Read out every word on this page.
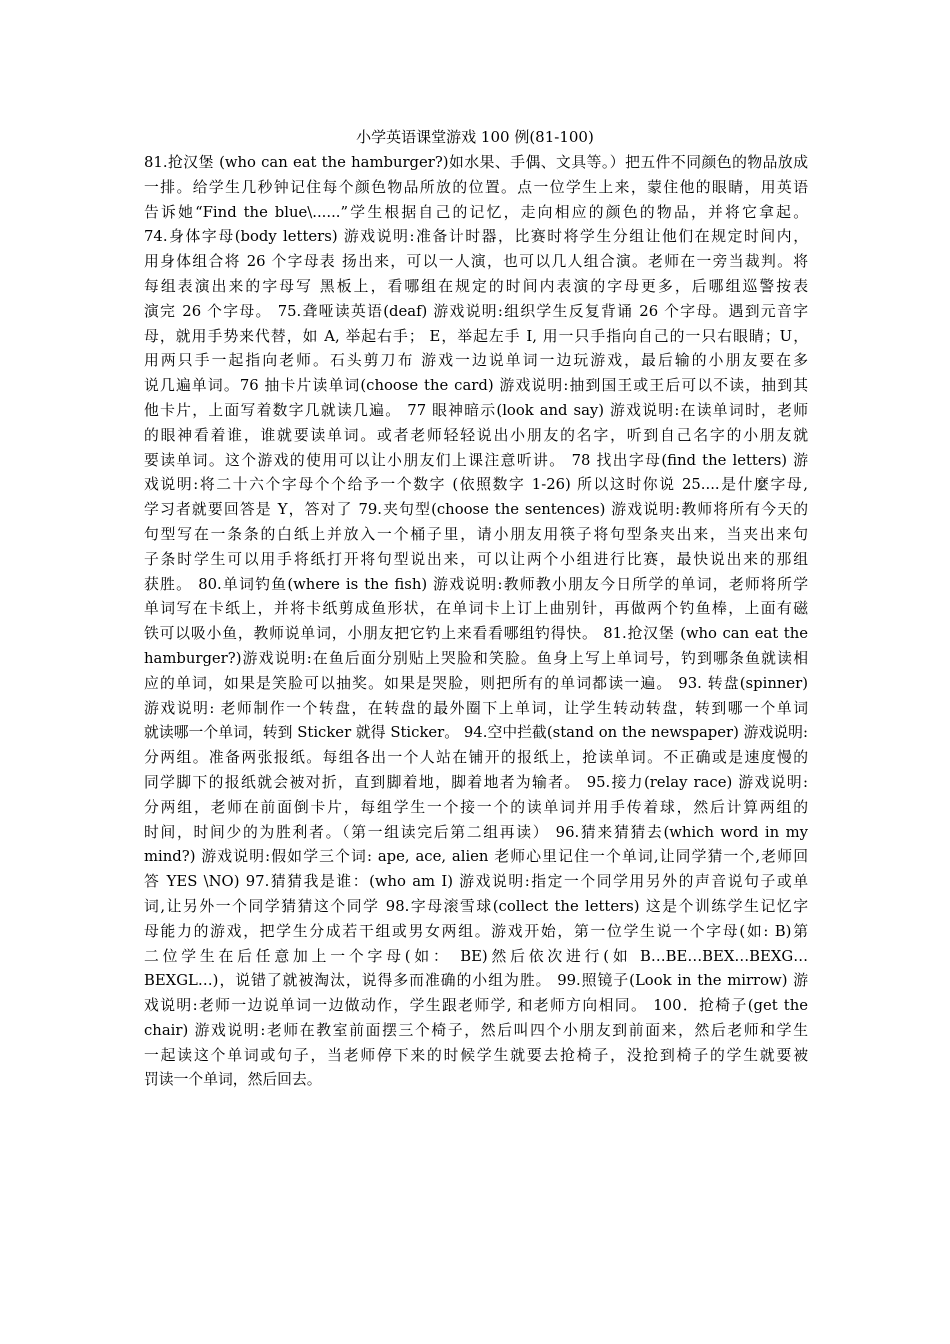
小学英语课堂游戏 100 例(81-100)
81.抢汉堡 (who can eat the hamburger?)如水果、手偶、文具等。）把五件不同颜色的物品放成
一排。给学生几秒钟记住每个颜色物品所放的位置。点一位学生上来，蒙住他的眼睛，用英语
告诉她“Find the blue\......”学生根据自己的记忆，走向相应的颜色的物品，并将它拿起。
74.身体字母(body letters) 游戏说明:准备计时器，比赛时将学生分组让他们在规定时间内，
用身体组合将 26 个字母表 扬出来，可以一人演，也可以几人组合演。老师在一旁当裁判。将
每组表演出来的字母写 黑板上，看哪组在规定的时间内表演的字母更多，后哪组巡警按表
演完 26 个字母。 75.聋哑读英语(deaf) 游戏说明:组织学生反复背诵 26 个字母。遇到元音字
母，就用手势来代替，如 A, 举起右手； E，举起左手 I, 用一只手指向自己的一只右眼睛；U，
用两只手一起指向老师。石头剪刀布 游戏一边说单词一边玩游戏，最后输的小朋友要在多
说几遍单词。76 抽卡片读单词(choose the card) 游戏说明:抽到国王或王后可以不读，抽到其
他卡片，上面写着数字几就读几遍。 77 眼神暗示(look and say) 游戏说明:在读单词时，老师
的眼神看着谁，谁就要读单词。或者老师轻轻说出小朋友的名字，听到自己名字的小朋友就
要读单词。这个游戏的使用可以让小朋友们上课注意听讲。 78 找出字母(find the letters) 游
戏说明:将二十六个字母个个给予一个数字 (依照数字 1-26) 所以这时你说 25....是什麼字母,
学习者就要回答是 Y，答对了 79.夹句型(choose the sentences) 游戏说明:教师将所有今天的
句型写在一条条的白纸上并放入一个桶子里，请小朋友用筷子将句型条夹出来，当夹出来句
子条时学生可以用手将纸打开将句型说出来，可以让两个小组进行比赛，最快说出来的那组
获胜。 80.单词钓鱼(where is the fish) 游戏说明:教师教小朋友今日所学的单词，老师将所学
单词写在卡纸上，并将卡纸剪成鱼形状，在单词卡上订上曲别针，再做两个钓鱼棒，上面有磁
铁可以吸小鱼，教师说单词，小朋友把它钓上来看看哪组钓得快。 81.抢汉堡 (who can eat the
hamburger?)游戏说明:在鱼后面分别贴上哭脸和笑脸。鱼身上写上单词号，钓到哪条鱼就读相
应的单词，如果是笑脸可以抽奖。如果是哭脸，则把所有的单词都读一遍。 93. 转盘(spinner)
游戏说明: 老师制作一个转盘，在转盘的最外圈下上单词，让学生转动转盘，转到哪一个单词
就读哪一个单词，转到 Sticker 就得 Sticker。 94.空中拦截(stand on the newspaper) 游戏说明:
分两组。准备两张报纸。每组各出一个人站在铺开的报纸上，抢读单词。不正确或是速度慢的
同学脚下的报纸就会被对折，直到脚着地，脚着地者为输者。 95.接力(relay race) 游戏说明:
分两组，老师在前面倒卡片，每组学生一个接一个的读单词并用手传着球，然后计算两组的
时间，时间少的为胜利者。（第一组读完后第二组再读） 96.猜来猜猜去(which word in my
mind?) 游戏说明:假如学三个词: ape, ace, alien 老师心里记住一个单词,让同学猜一个,老师回
答 YES \NO) 97.猜猜我是谁：(who am I) 游戏说明:指定一个同学用另外的声音说句子或单
词,让另外一个同学猜猜这个同学 98.字母滚雪球(collect the letters) 这是个训练学生记忆字
母能力的游戏，把学生分成若干组或男女两组。游戏开始，第一位学生说一个字母(如: B)第
二位学生在后任意加上一个字母(如： BE)然后依次进行(如 B…BE…BEX…BEXG…
BEXGL…)，说错了就被淘汰，说得多而准确的小组为胜。 99.照镜子(Look in the mirrow) 游
戏说明:老师一边说单词一边做动作，学生跟老师学, 和老师方向相同。 100．抢椅子(get the
chair) 游戏说明:老师在教室前面摆三个椅子，然后叫四个小朋友到前面来，然后老师和学生
一起读这个单词或句子，当老师停下来的时候学生就要去抢椅子，没抢到椅子的学生就要被
罚读一个单词，然后回去。
